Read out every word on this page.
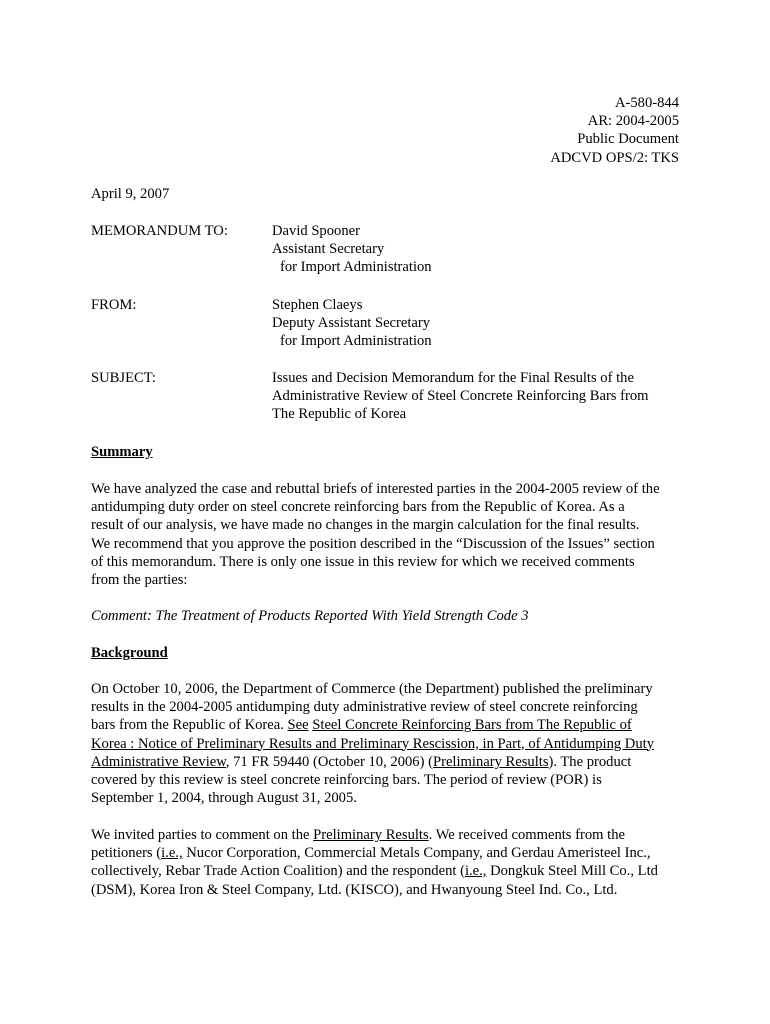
A-580-844
AR: 2004-2005
Public Document
ADCVD OPS/2: TKS
April 9, 2007
MEMORANDUM TO:	David Spooner
Assistant Secretary
for Import Administration
FROM:	Stephen Claeys
Deputy Assistant Secretary
for Import Administration
SUBJECT:	Issues and Decision Memorandum for the Final Results of the
Administrative Review of Steel Concrete Reinforcing Bars from
The Republic of Korea
Summary
We have analyzed the case and rebuttal briefs of interested parties in the 2004-2005 review of the
antidumping duty order on steel concrete reinforcing bars from the Republic of Korea. As a
result of our analysis, we have made no changes in the margin calculation for the final results.
We recommend that you approve the position described in the “Discussion of the Issues” section
of this memorandum. There is only one issue in this review for which we received comments
from the parties:
Comment: The Treatment of Products Reported With Yield Strength Code 3
Background
On October 10, 2006, the Department of Commerce (the Department) published the preliminary
results in the 2004-2005 antidumping duty administrative review of steel concrete reinforcing
bars from the Republic of Korea. See Steel Concrete Reinforcing Bars from The Republic of
Korea : Notice of Preliminary Results and Preliminary Rescission, in Part, of Antidumping Duty
Administrative Review, 71 FR 59440 (October 10, 2006) (Preliminary Results). The product
covered by this review is steel concrete reinforcing bars. The period of review (POR) is
September 1, 2004, through August 31, 2005.
We invited parties to comment on the Preliminary Results. We received comments from the
petitioners (i.e., Nucor Corporation, Commercial Metals Company, and Gerdau Ameristeel Inc.,
collectively, Rebar Trade Action Coalition) and the respondent (i.e., Dongkuk Steel Mill Co., Ltd
(DSM), Korea Iron & Steel Company, Ltd. (KISCO), and Hwanyoung Steel Ind. Co., Ltd.
